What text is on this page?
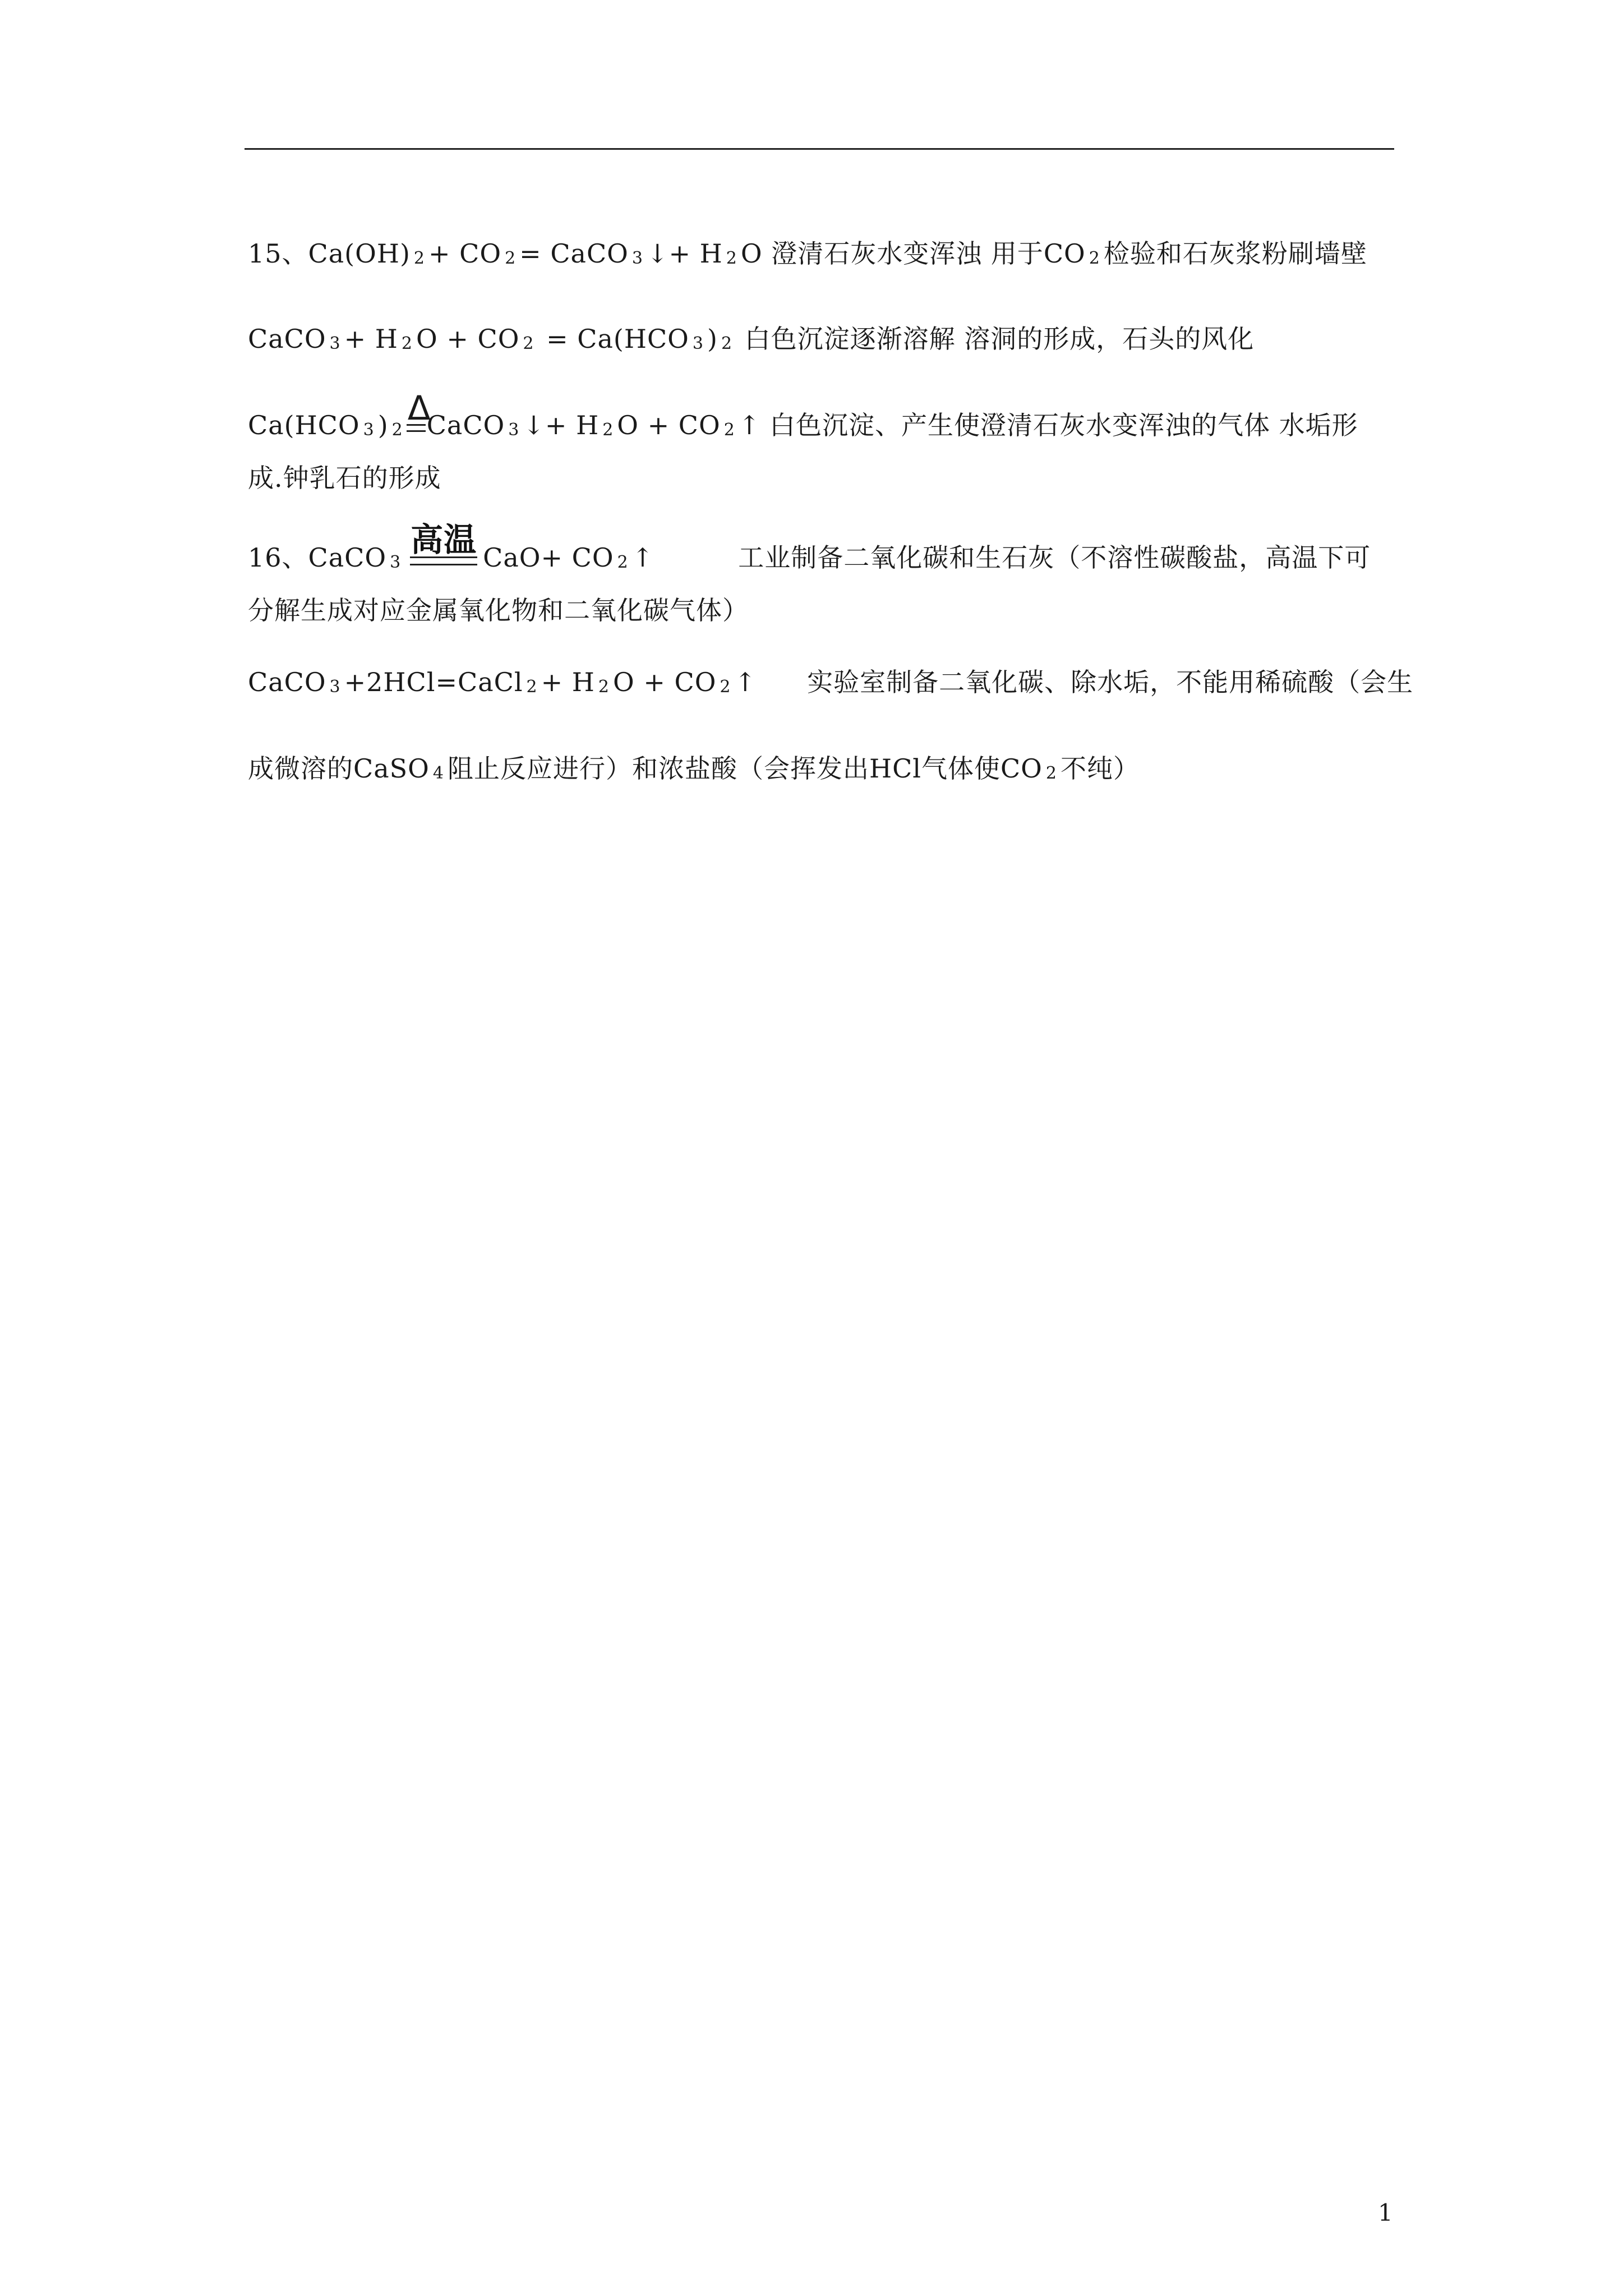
15、Ca(OH) 2 + CO 2 = CaCO 3 ↓+ H 2 O 澄清石灰水变浑浊 用于CO 2 检验和石灰浆粉刷墙壁
CaCO 3 + H 2 O + CO 2 = Ca(HCO 3 ) 2 白色沉淀逐渐溶解 溶洞的形成，石头的风化
Ca(HCO 3 ) 2
Δ
CaCO 3 ↓+ H 2 O + CO 2 ↑ 白色沉淀、产生使澄清石灰水变浑浊的气体 水垢形
成.钟乳石的形成
16、CaCO 3
高温 CaO+ CO 2 ↑	工业制备二氧化碳和生石灰（不溶性碳酸盐，高温下可
分解生成对应金属氧化物和二氧化碳气体）
CaCO 3 +2HCl=CaCl 2 + H 2 O + CO 2 ↑ 实验室制备二氧化碳、除水垢，不能用稀硫酸（会生
成微溶的CaSO 4 阻止反应进行）和浓盐酸（会挥发出HCl气体使CO 2 不纯）
1
